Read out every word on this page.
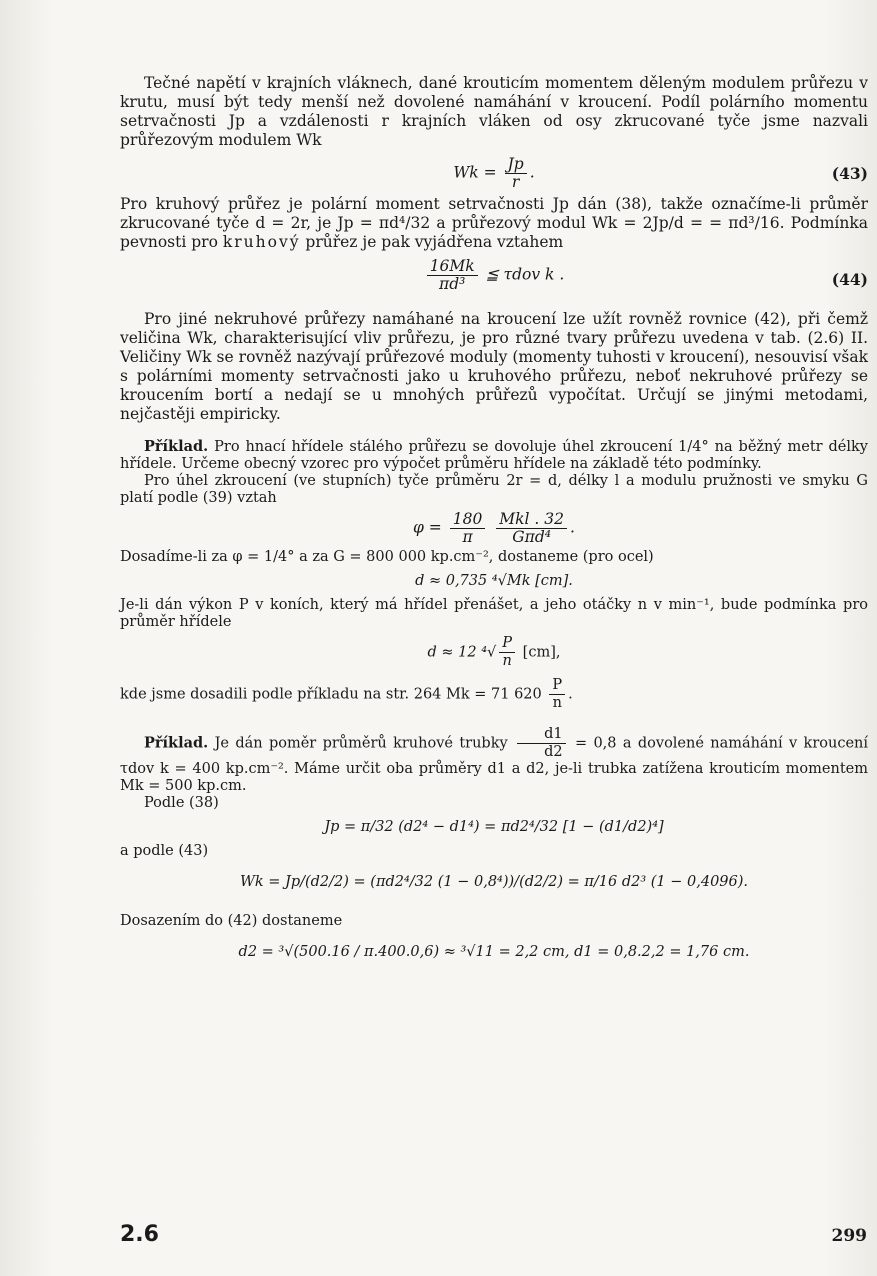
Tečné napětí v krajních vláknech, dané krouticím momentem děleným modulem průřezu v krutu, musí být tedy menší než dovolené namáhání v kroucení. Podíl polárního momentu setrvačnosti Jp a vzdálenosti r krajních vláken od osy zkrucované tyče jsme nazvali průřezovým modulem Wk

$Wk = \frac{Jp}{r}$ .	(43)

Pro kruhový průřez je polární moment setrvačnosti Jp dán (38), takže označíme-li průměr zkrucované tyče d = 2r, je Jp = πd⁴/32 a průřezový modul Wk = 2Jp/d = = πd³/16. Podmínka pevnosti pro kruhový průřez je pak vyjádřena vztahem

$\frac{16Mk}{\text{πd³}}$ ≦ τdov k .	(44)

Pro jiné nekruhové průřezy namáhané na kroucení lze užít rovněž rovnice (42), při čemž veličina Wk, charakterisující vliv průřezu, je pro různé tvary průřezu uvedena v tab. (2.6) II. Veličiny Wk se rovněž nazývají průřezové moduly (momenty tuhosti v kroucení), nesouvisí však s polárními momenty setrvačnosti jako u kruhového průřezu, neboť nekruhové průřezy se kroucením bortí a nedají se u mnohých průřezů vypočítat. Určují se jinými metodami, nejčastěji empiricky.

Příklad. Pro hnací hřídele stálého průřezu se dovoluje úhel zkroucení 1/4° na běžný metr délky hřídele. Určeme obecný vzorec pro výpočet průměru hřídele na základě této podmínky.

Pro úhel zkroucení (ve stupních) tyče průměru 2r = d, délky l a modulu pružnosti ve smyku G platí podle (39) vztah

$\varphi = \frac{180}{\pi}$
$\frac{\text{Mkl . 32}}{\text{Gπd⁴}}$ .

Dosadíme-li za φ = 1/4° a za G = 800 000 kp.cm⁻², dostaneme (pro ocel)

d ≈ 0,735 ⁴√Mk [cm].

Je-li dán výkon P v koních, který má hřídel přenášet, a jeho otáčky n v min⁻¹, bude podmínka pro průměr hřídele

d ≈ 12 $^4√ \frac{P}{n} [cm]$,

kde jsme dosadili podle příkladu na str. 264 Mk = 71 $620 \frac{P}{n}$ .

Příklad. Je dán poměr průměrů kruhové trubky $\frac{d1}{d2} = 0,8$ a dovolené namáhání v kroucení τdov k = 400 kp.cm⁻². Máme určit oba průměry d1 a d2, je-li trubka zatížena krouticím momentem Mk = 500 kp.cm.

Podle (38)

Jp = π/32 (d2⁴ − d1⁴) = πd2⁴/32 [1 − (d1/d2)⁴]

a podle (43)

Wk = Jp/(d2/2) = (πd2⁴/32 (1 − 0,8⁴))/(d2/2) = π/16 d2³ (1 − 0,4096).

Dosazením do (42) dostaneme

d2 = ³√(500.16 / π.400.0,6) ≈ ³√11 = 2,2 cm, d1 = 0,8.2,2 = 1,76 cm.

2.6	299
